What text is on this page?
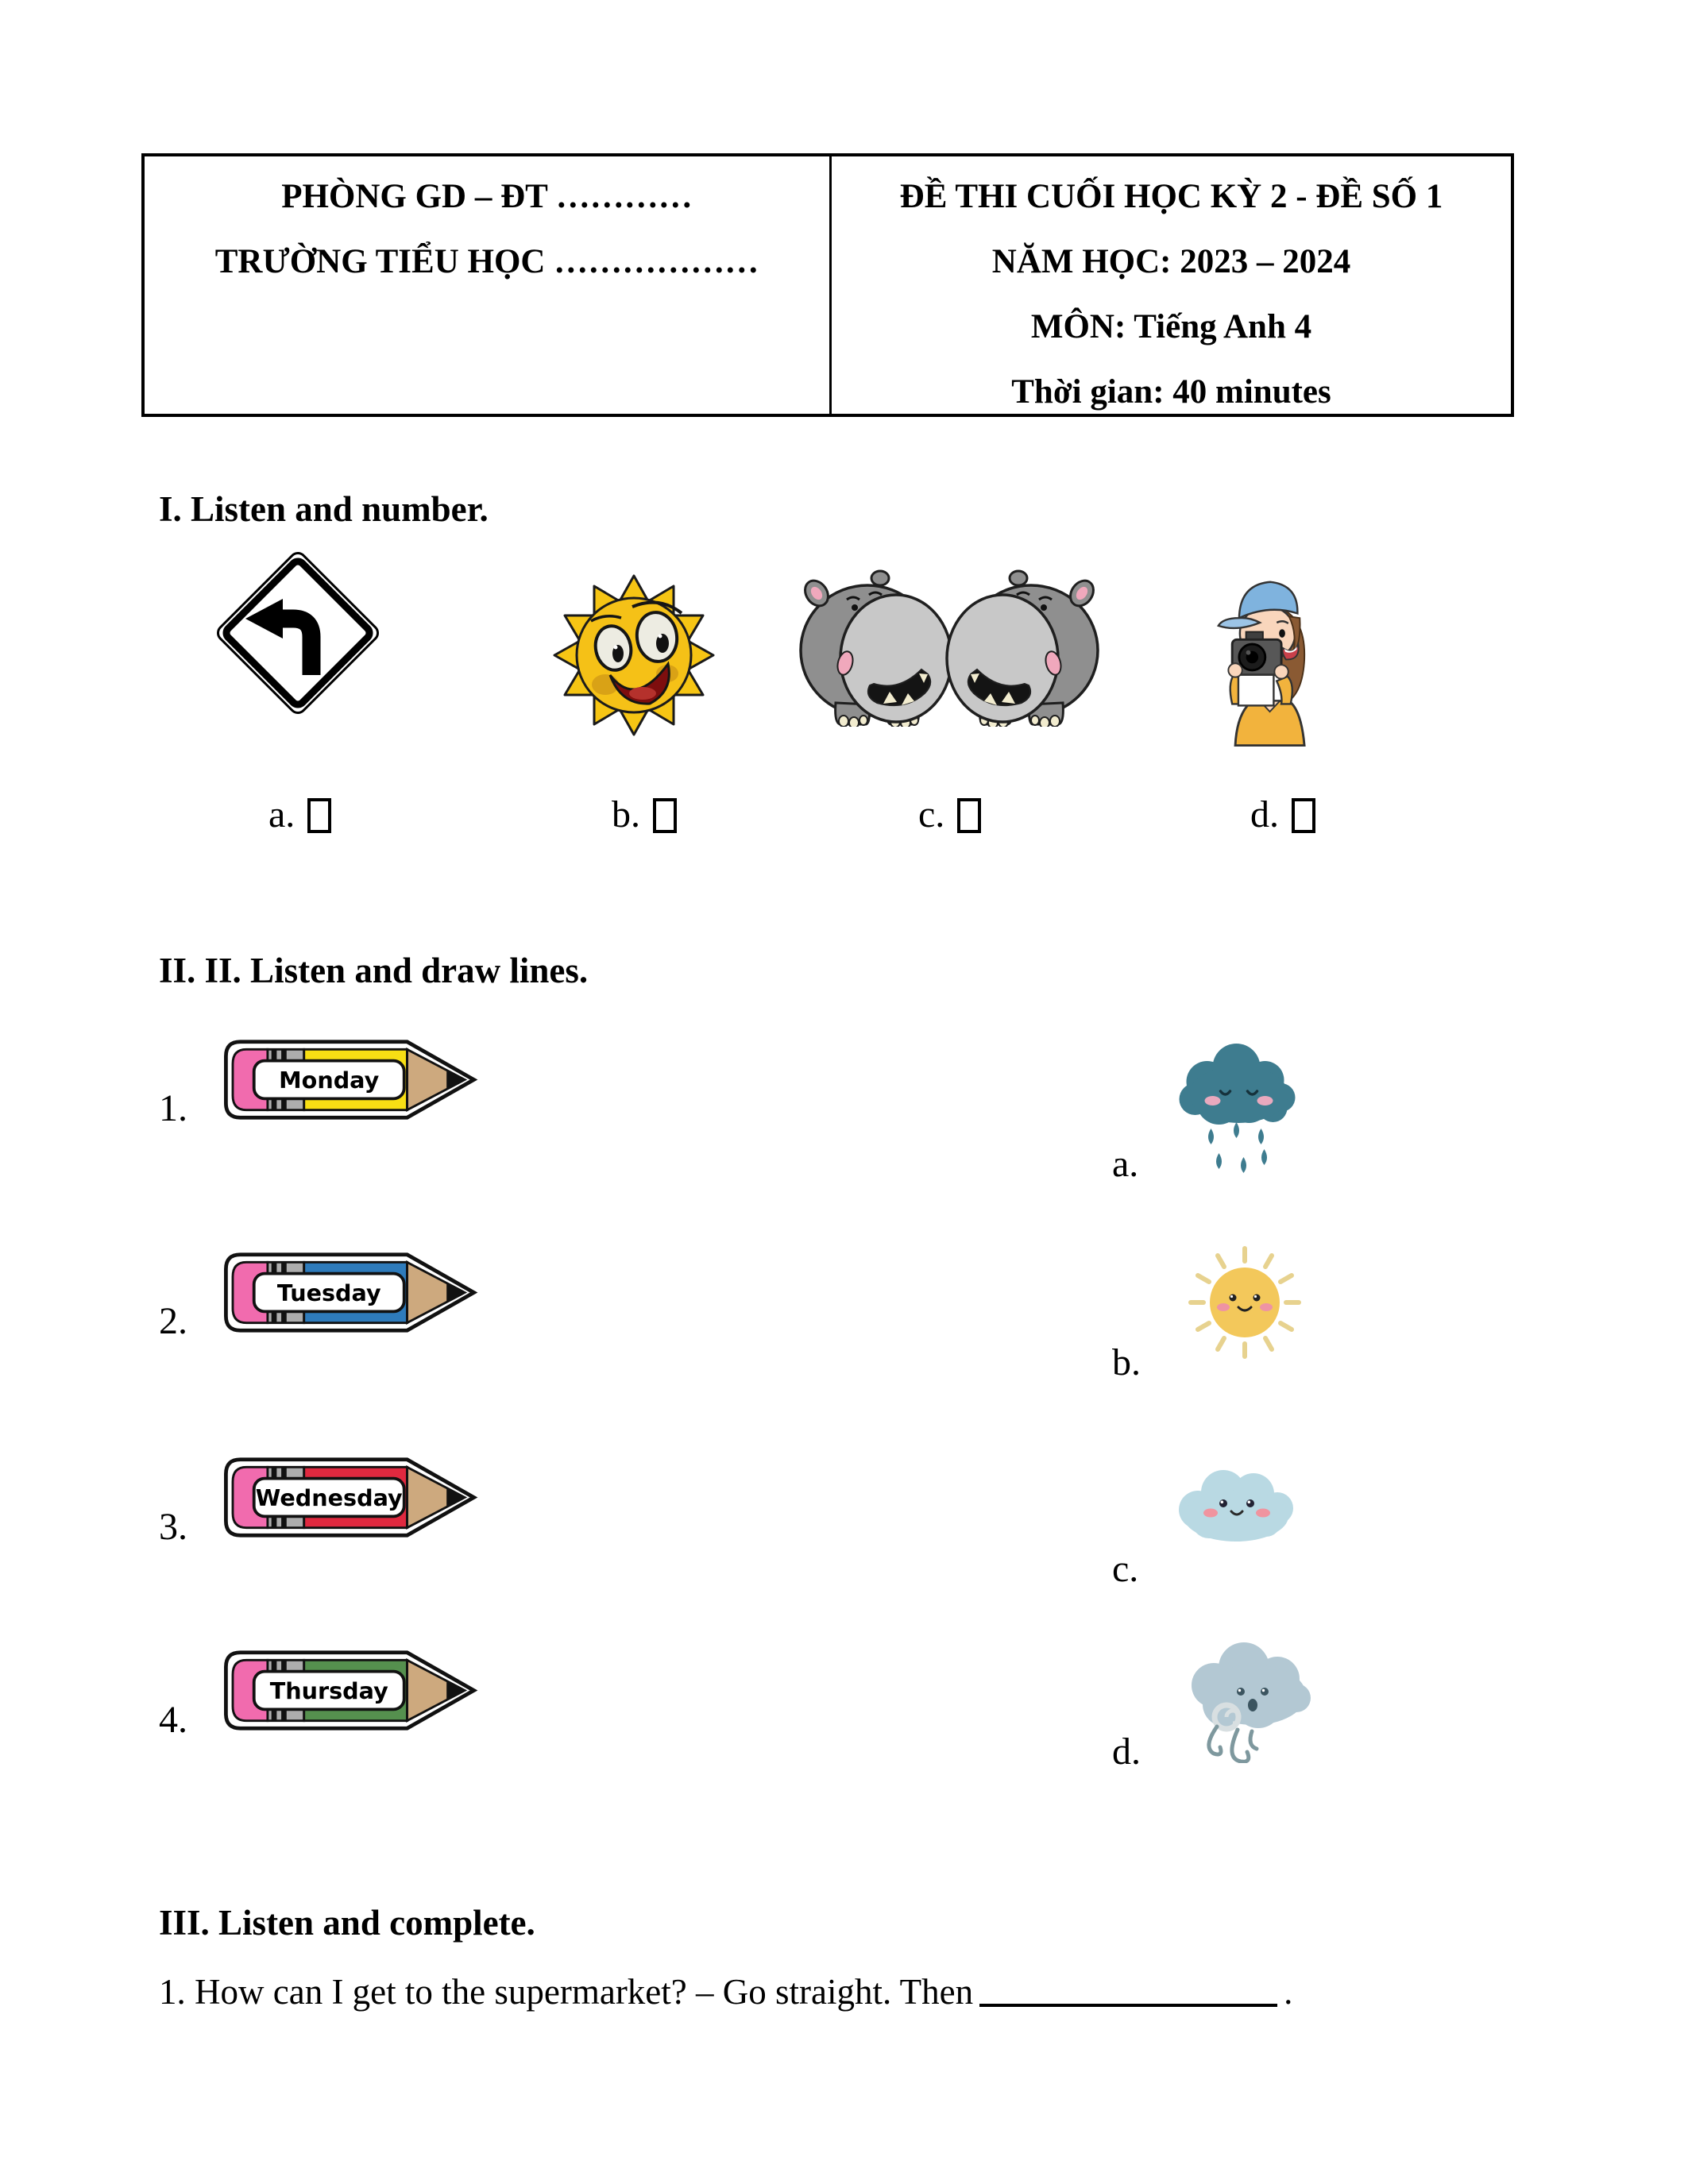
PHÒNG GD – ĐT …………
TRƯỜNG TIỂU HỌC ………………
ĐỀ THI CUỐI HỌC KỲ 2 - ĐỀ SỐ 1
NĂM HỌC: 2023 – 2024
MÔN: Tiếng Anh 4
Thời gian: 40 minutes
I. Listen and number.
a.	b.	c.	d.
II. II. Listen and draw lines.
1.
2.
3.
4.
Monday
Tuesday
Wednesday
Thursday
a.
b.
c.
d.
III. Listen and complete.
1. How can I get to the supermarket? – Go straight. Then	.
